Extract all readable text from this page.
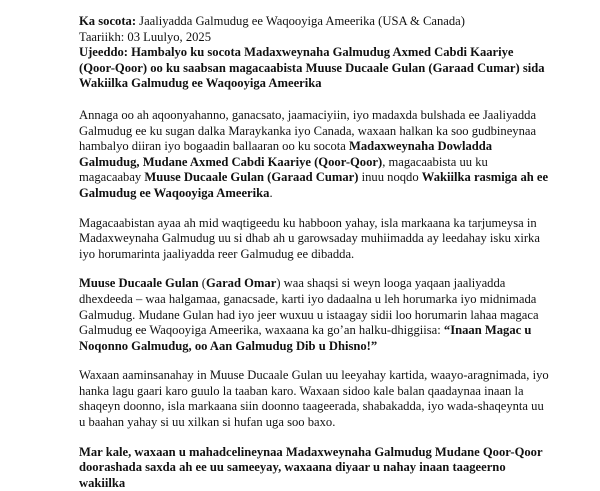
Ka socota: Jaaliyadda Galmudug ee Waqooyiga Ameerika (USA & Canada)

Taariikh: 03 Luulyo, 2025

Ujeeddo: Hambalyo ku socota Madaxweynaha Galmudug Axmed Cabdi Kaariye (Qoor-Qoor) oo ku saabsan magacaabista Muuse Ducaale Gulan (Garaad Cumar) sida Wakiilka Galmudug ee Waqooyiga Ameerika

Annaga oo ah aqoonyahanno, ganacsato, jaamaciyiin, iyo madaxda bulshada ee Jaaliyadda Galmudug ee ku sugan dalka Maraykanka iyo Canada, waxaan halkan ka soo gudbineynaa hambalyo diiran iyo bogaadin ballaaran oo ku socota Madaxweynaha Dowladda Galmudug, Mudane Axmed Cabdi Kaariye (Qoor-Qoor), magacaabista uu ku magacaabay Muuse Ducaale Gulan (Garaad Cumar) inuu noqdo Wakiilka rasmiga ah ee Galmudug ee Waqooyiga Ameerika.

Magacaabistan ayaa ah mid waqtigeedu ku habboon yahay, isla markaana ka tarjumeysa in Madaxweynaha Galmudug uu si dhab ah u garowsaday muhiimadda ay leedahay isku xirka iyo horumarinta jaaliyadda reer Galmudug ee dibadda.

Muuse Ducaale Gulan (Garad Omar) waa shaqsi si weyn looga yaqaan jaaliyadda dhexdeeda – waa halgamaa, ganacsade, karti iyo dadaalna u leh horumarka iyo midnimada Galmudug. Mudane Gulan had iyo jeer wuxuu u istaagay sidii loo horumarin lahaa magaca Galmudug ee Waqooyiga Ameerika, waxaana ka go’an halku-dhiggiisa: “Inaan Magac u Noqonno Galmudug, oo Aan Galmudug Dib u Dhisno!”

Waxaan aaminsanahay in Muuse Ducaale Gulan uu leeyahay kartida, waayo-aragnimada, iyo hanka lagu gaari karo guulo la taaban karo. Waxaan sidoo kale balan qaadaynaa inaan la shaqeyn doonno, isla markaana siin doonno taageerada, shabakadda, iyo wada-shaqeynta uu u baahan yahay si uu xilkan si hufan uga soo baxo.

Mar kale, waxaan u mahadcelineynaa Madaxweynaha Galmudug Mudane Qoor-Qoor doorashada saxda ah ee uu sameeyay, waxaana diyaar u nahay inaan taageerno wakiilka
